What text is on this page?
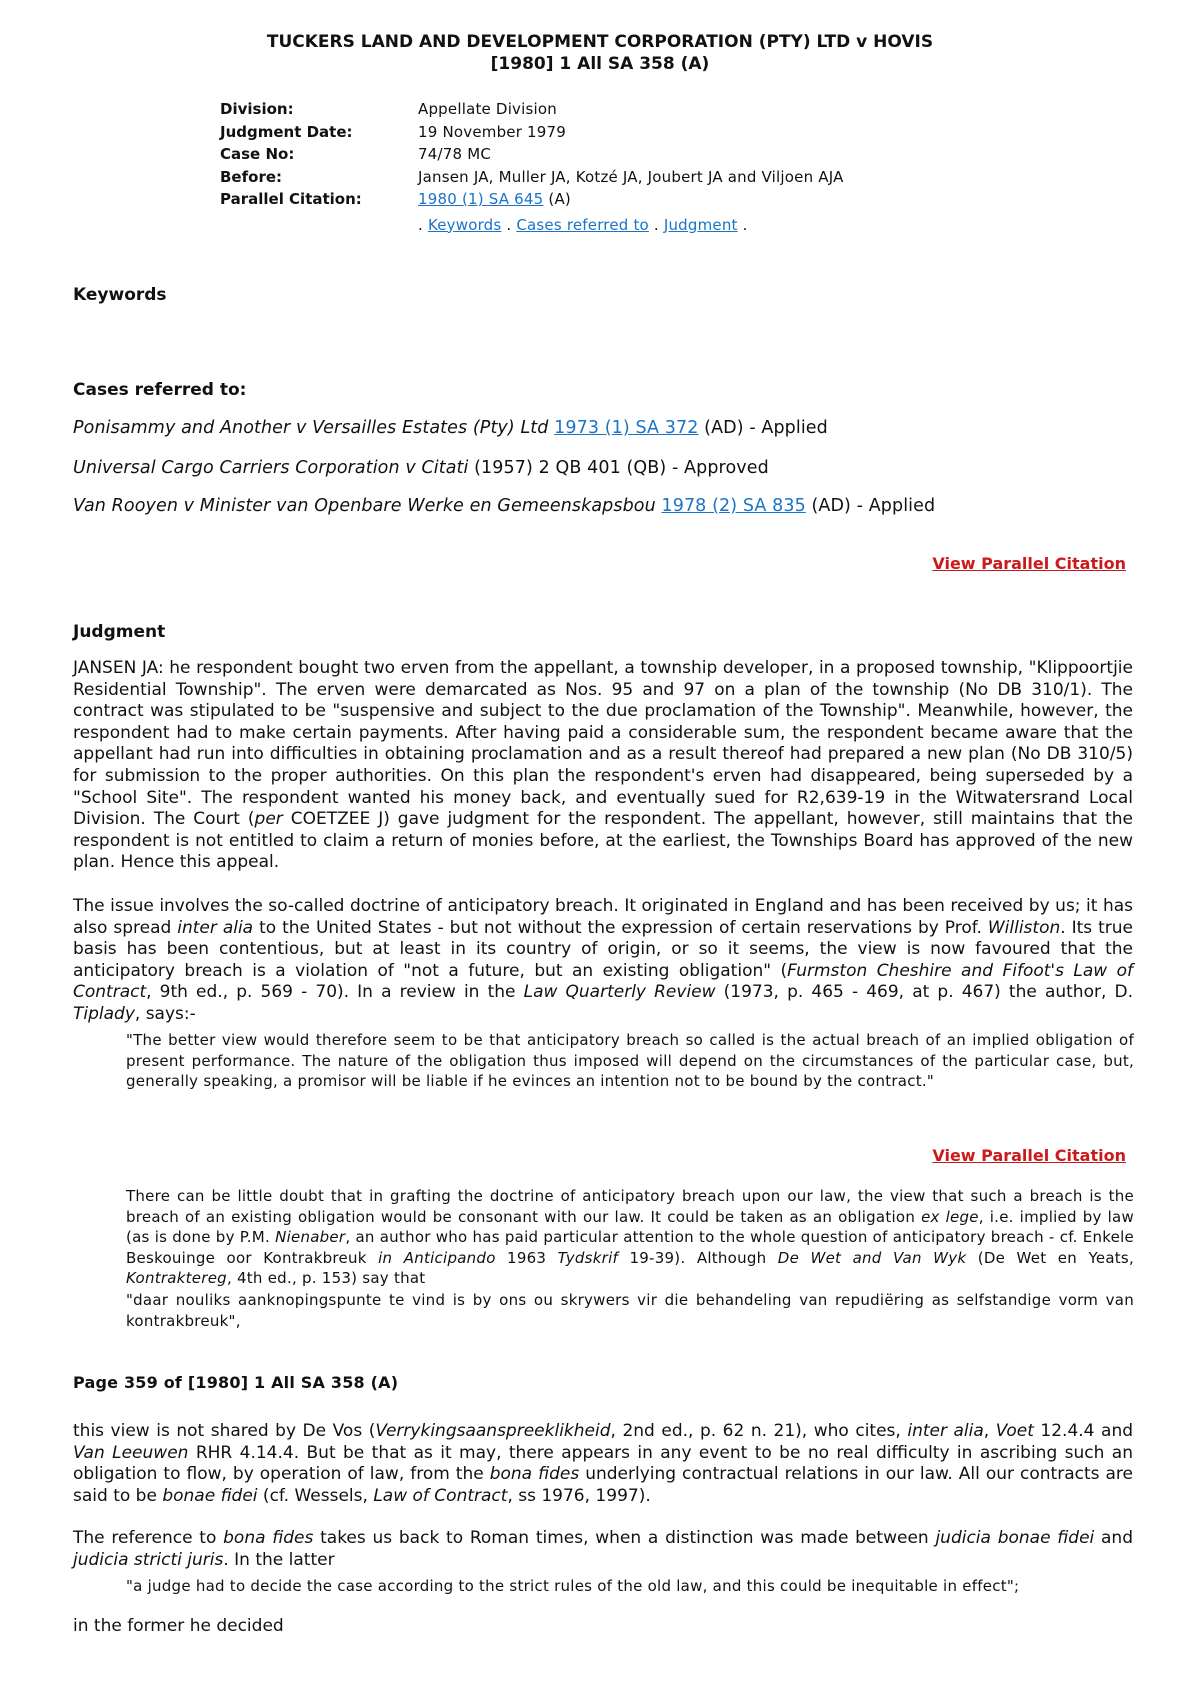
TUCKERS LAND AND DEVELOPMENT CORPORATION (PTY) LTD v HOVIS
[1980] 1 All SA 358 (A)
Division:	Appellate Division
Judgment Date:	19 November 1979
Case No:	74/78 MC
Before:	Jansen JA, Muller JA, Kotzé JA, Joubert JA and Viljoen AJA
Parallel Citation:	1980 (1) SA 645 (A)
	. Keywords . Cases referred to . Judgment .
Keywords
Cases referred to:
Ponisammy and Another v Versailles Estates (Pty) Ltd 1973 (1) SA 372 (AD) - Applied
Universal Cargo Carriers Corporation v Citati (1957) 2 QB 401 (QB) - Approved
Van Rooyen v Minister van Openbare Werke en Gemeenskapsbou 1978 (2) SA 835 (AD) - Applied
View Parallel Citation
Judgment

JANSEN JA: he respondent bought two erven from the appellant, a township developer, in a proposed township, "Klippoortjie Residential Township". The erven were demarcated as Nos. 95 and 97 on a plan of the township (No DB 310/1). The contract was stipulated to be "suspensive and subject to the due proclamation of the Township". Meanwhile, however, the respondent had to make certain payments. After having paid a considerable sum, the respondent became aware that the appellant had run into difficulties in obtaining proclamation and as a result thereof had prepared a new plan (No DB 310/5) for submission to the proper authorities. On this plan the respondent's erven had disappeared, being superseded by a "School Site". The respondent wanted his money back, and eventually sued for R2,639-19 in the Witwatersrand Local Division. The Court (per COETZEE J) gave judgment for the respondent. The appellant, however, still maintains that the respondent is not entitled to claim a return of monies before, at the earliest, the Townships Board has approved of the new plan. Hence this appeal.

The issue involves the so-called doctrine of anticipatory breach. It originated in England and has been received by us; it has also spread inter alia to the United States - but not without the expression of certain reservations by Prof. Williston. Its true basis has been contentious, but at least in its country of origin, or so it seems, the view is now favoured that the anticipatory breach is a violation of "not a future, but an existing obligation" (Furmston Cheshire and Fifoot's Law of Contract, 9th ed., p. 569 - 70). In a review in the Law Quarterly Review (1973, p. 465 - 469, at p. 467) the author, D. Tiplady, says:-

"The better view would therefore seem to be that anticipatory breach so called is the actual breach of an implied obligation of present performance. The nature of the obligation thus imposed will depend on the circumstances of the particular case, but, generally speaking, a promisor will be liable if he evinces an intention not to be bound by the contract."

View Parallel Citation

There can be little doubt that in grafting the doctrine of anticipatory breach upon our law, the view that such a breach is the breach of an existing obligation would be consonant with our law. It could be taken as an obligation ex lege, i.e. implied by law (as is done by P.M. Nienaber, an author who has paid particular attention to the whole question of anticipatory breach - cf. Enkele Beskouinge oor Kontrakbreuk in Anticipando 1963 Tydskrif 19-39). Although De Wet and Van Wyk (De Wet en Yeats, Kontraktereg, 4th ed., p. 153) say that

"daar nouliks aanknopingspunte te vind is by ons ou skrywers vir die behandeling van repudiëring as selfstandige vorm van kontrakbreuk",

Page 359 of [1980] 1 All SA 358 (A)

this view is not shared by De Vos (Verrykingsaanspreeklikheid, 2nd ed., p. 62 n. 21), who cites, inter alia, Voet 12.4.4 and Van Leeuwen RHR 4.14.4. But be that as it may, there appears in any event to be no real difficulty in ascribing such an obligation to flow, by operation of law, from the bona fides underlying contractual relations in our law. All our contracts are said to be bonae fidei (cf. Wessels, Law of Contract, ss 1976, 1997).

The reference to bona fides takes us back to Roman times, when a distinction was made between judicia bonae fidei and judicia stricti juris. In the latter

"a judge had to decide the case according to the strict rules of the old law, and this could be inequitable in effect";

in the former he decided
